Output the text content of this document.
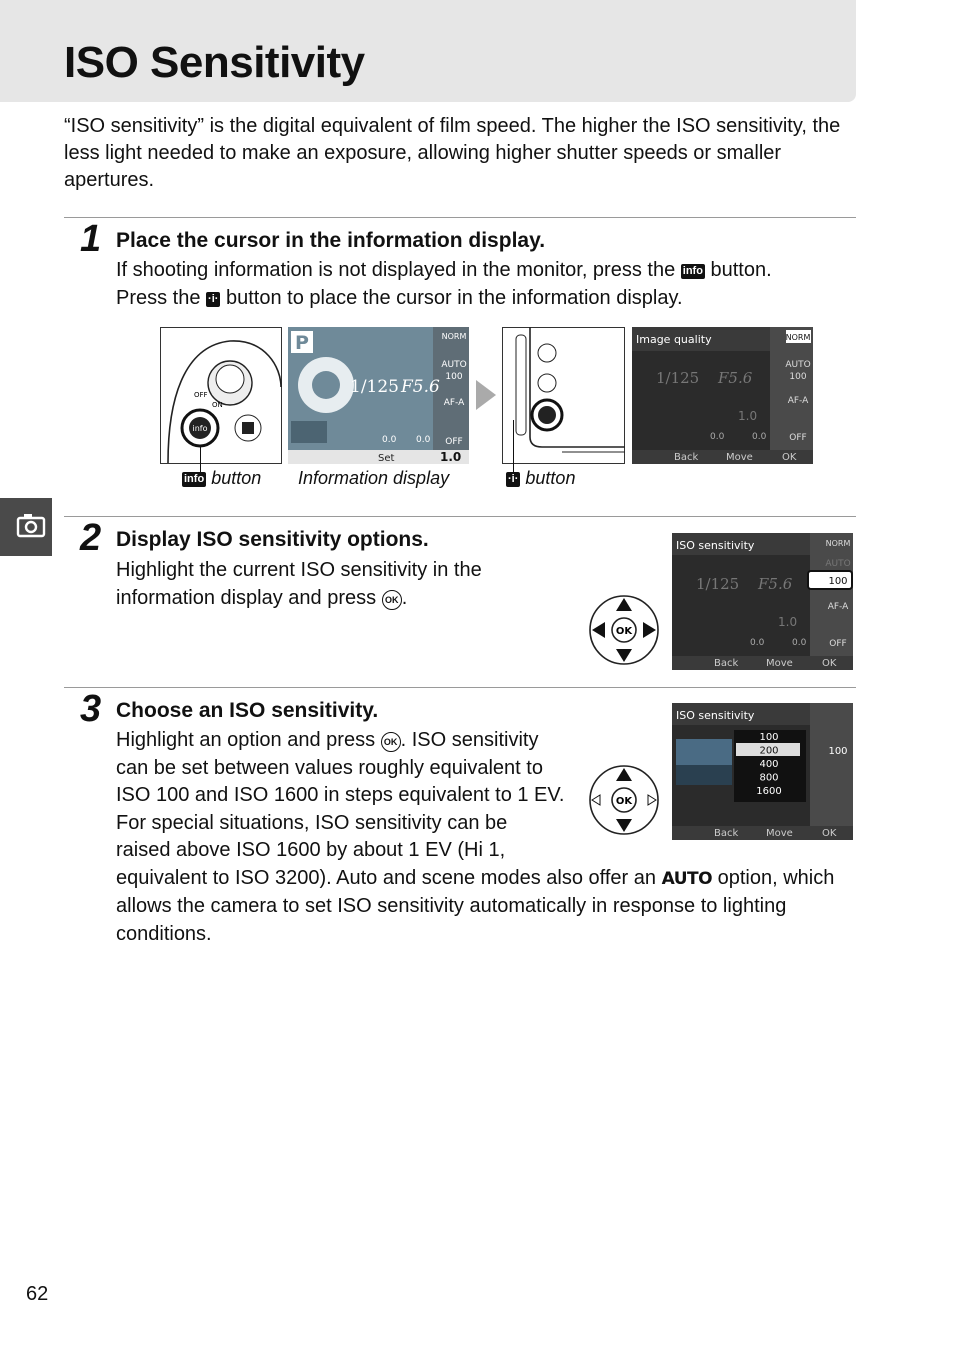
ISO Sensitivity
“ISO sensitivity” is the digital equivalent of film speed. The higher the ISO sensitivity, the less light needed to make an exposure, allowing higher shutter speeds or smaller apertures.
1 Place the cursor in the information display.
If shooting information is not displayed in the monitor, press the info button.
Press the ·i· button to place the cursor in the information display.
info
ON
OFF
P
1/125 F5.6
NORM
AUTO
100
AF-A
OFF
0.0 0.0
Set	1.0
Image quality	NORM
AUTO
100
AF-A
OFF
1/125 F5.6
1.0
0.0	0.0
Back	Move	OK
info button Information display	·i· button
2 Display ISO sensitivity options.
Highlight the current ISO sensitivity in the
information display and press OK .
OK
ISO sensitivity	NORM
AUTO
100
AF-A
OFF
1/125 F5.6
1.0
0.0	0.0
Back	Move	OK
3 Choose an ISO sensitivity.
Highlight an option and press OK . ISO sensitivity
can be set between values roughly equivalent to
ISO 100 and ISO 1600 in steps equivalent to 1 EV.
For special situations, ISO sensitivity can be
raised above ISO 1600 by about 1 EV (Hi 1,
equivalent to ISO 3200). Auto and scene modes also offer an AUTO option, which
allows the camera to set ISO sensitivity automatically in response to lighting
conditions.
OK
ISO sensitivity
100
100
200
400
800
1600
Back	Move	OK
62
